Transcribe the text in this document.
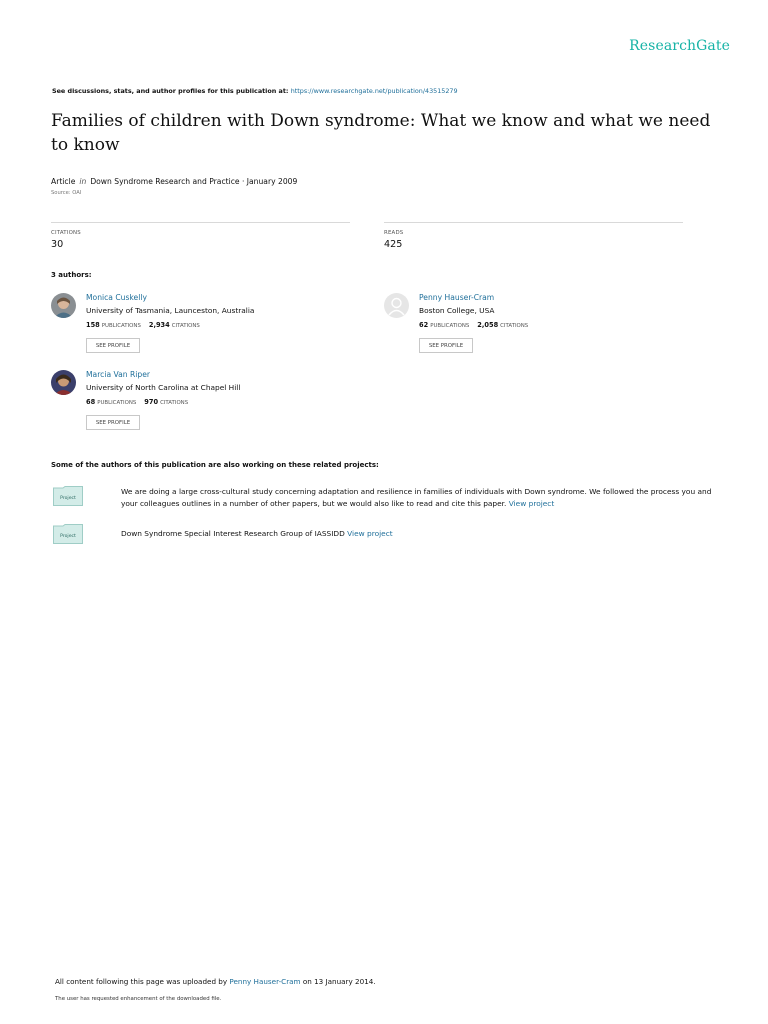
ResearchGate
See discussions, stats, and author profiles for this publication at: https://www.researchgate.net/publication/43515279
Families of children with Down syndrome: What we know and what we need to know
Article in Down Syndrome Research and Practice · January 2009
Source: OAI
CITATIONS
30
READS
425
3 authors:
Monica Cuskelly
University of Tasmania, Launceston, Australia
158 PUBLICATIONS 2,934 CITATIONS
SEE PROFILE
Penny Hauser-Cram
Boston College, USA
62 PUBLICATIONS 2,058 CITATIONS
SEE PROFILE
Marcia Van Riper
University of North Carolina at Chapel Hill
68 PUBLICATIONS 970 CITATIONS
SEE PROFILE
Some of the authors of this publication are also working on these related projects:
Project
We are doing a large cross-cultural study concerning adaptation and resilience in families of individuals with Down syndrome. We followed the process you and your colleagues outlines in a number of other papers, but we would also like to read and cite this paper. View project
Project	Down Syndrome Special Interest Research Group of IASSIDD View project
All content following this page was uploaded by Penny Hauser-Cram on 13 January 2014.
The user has requested enhancement of the downloaded file.
